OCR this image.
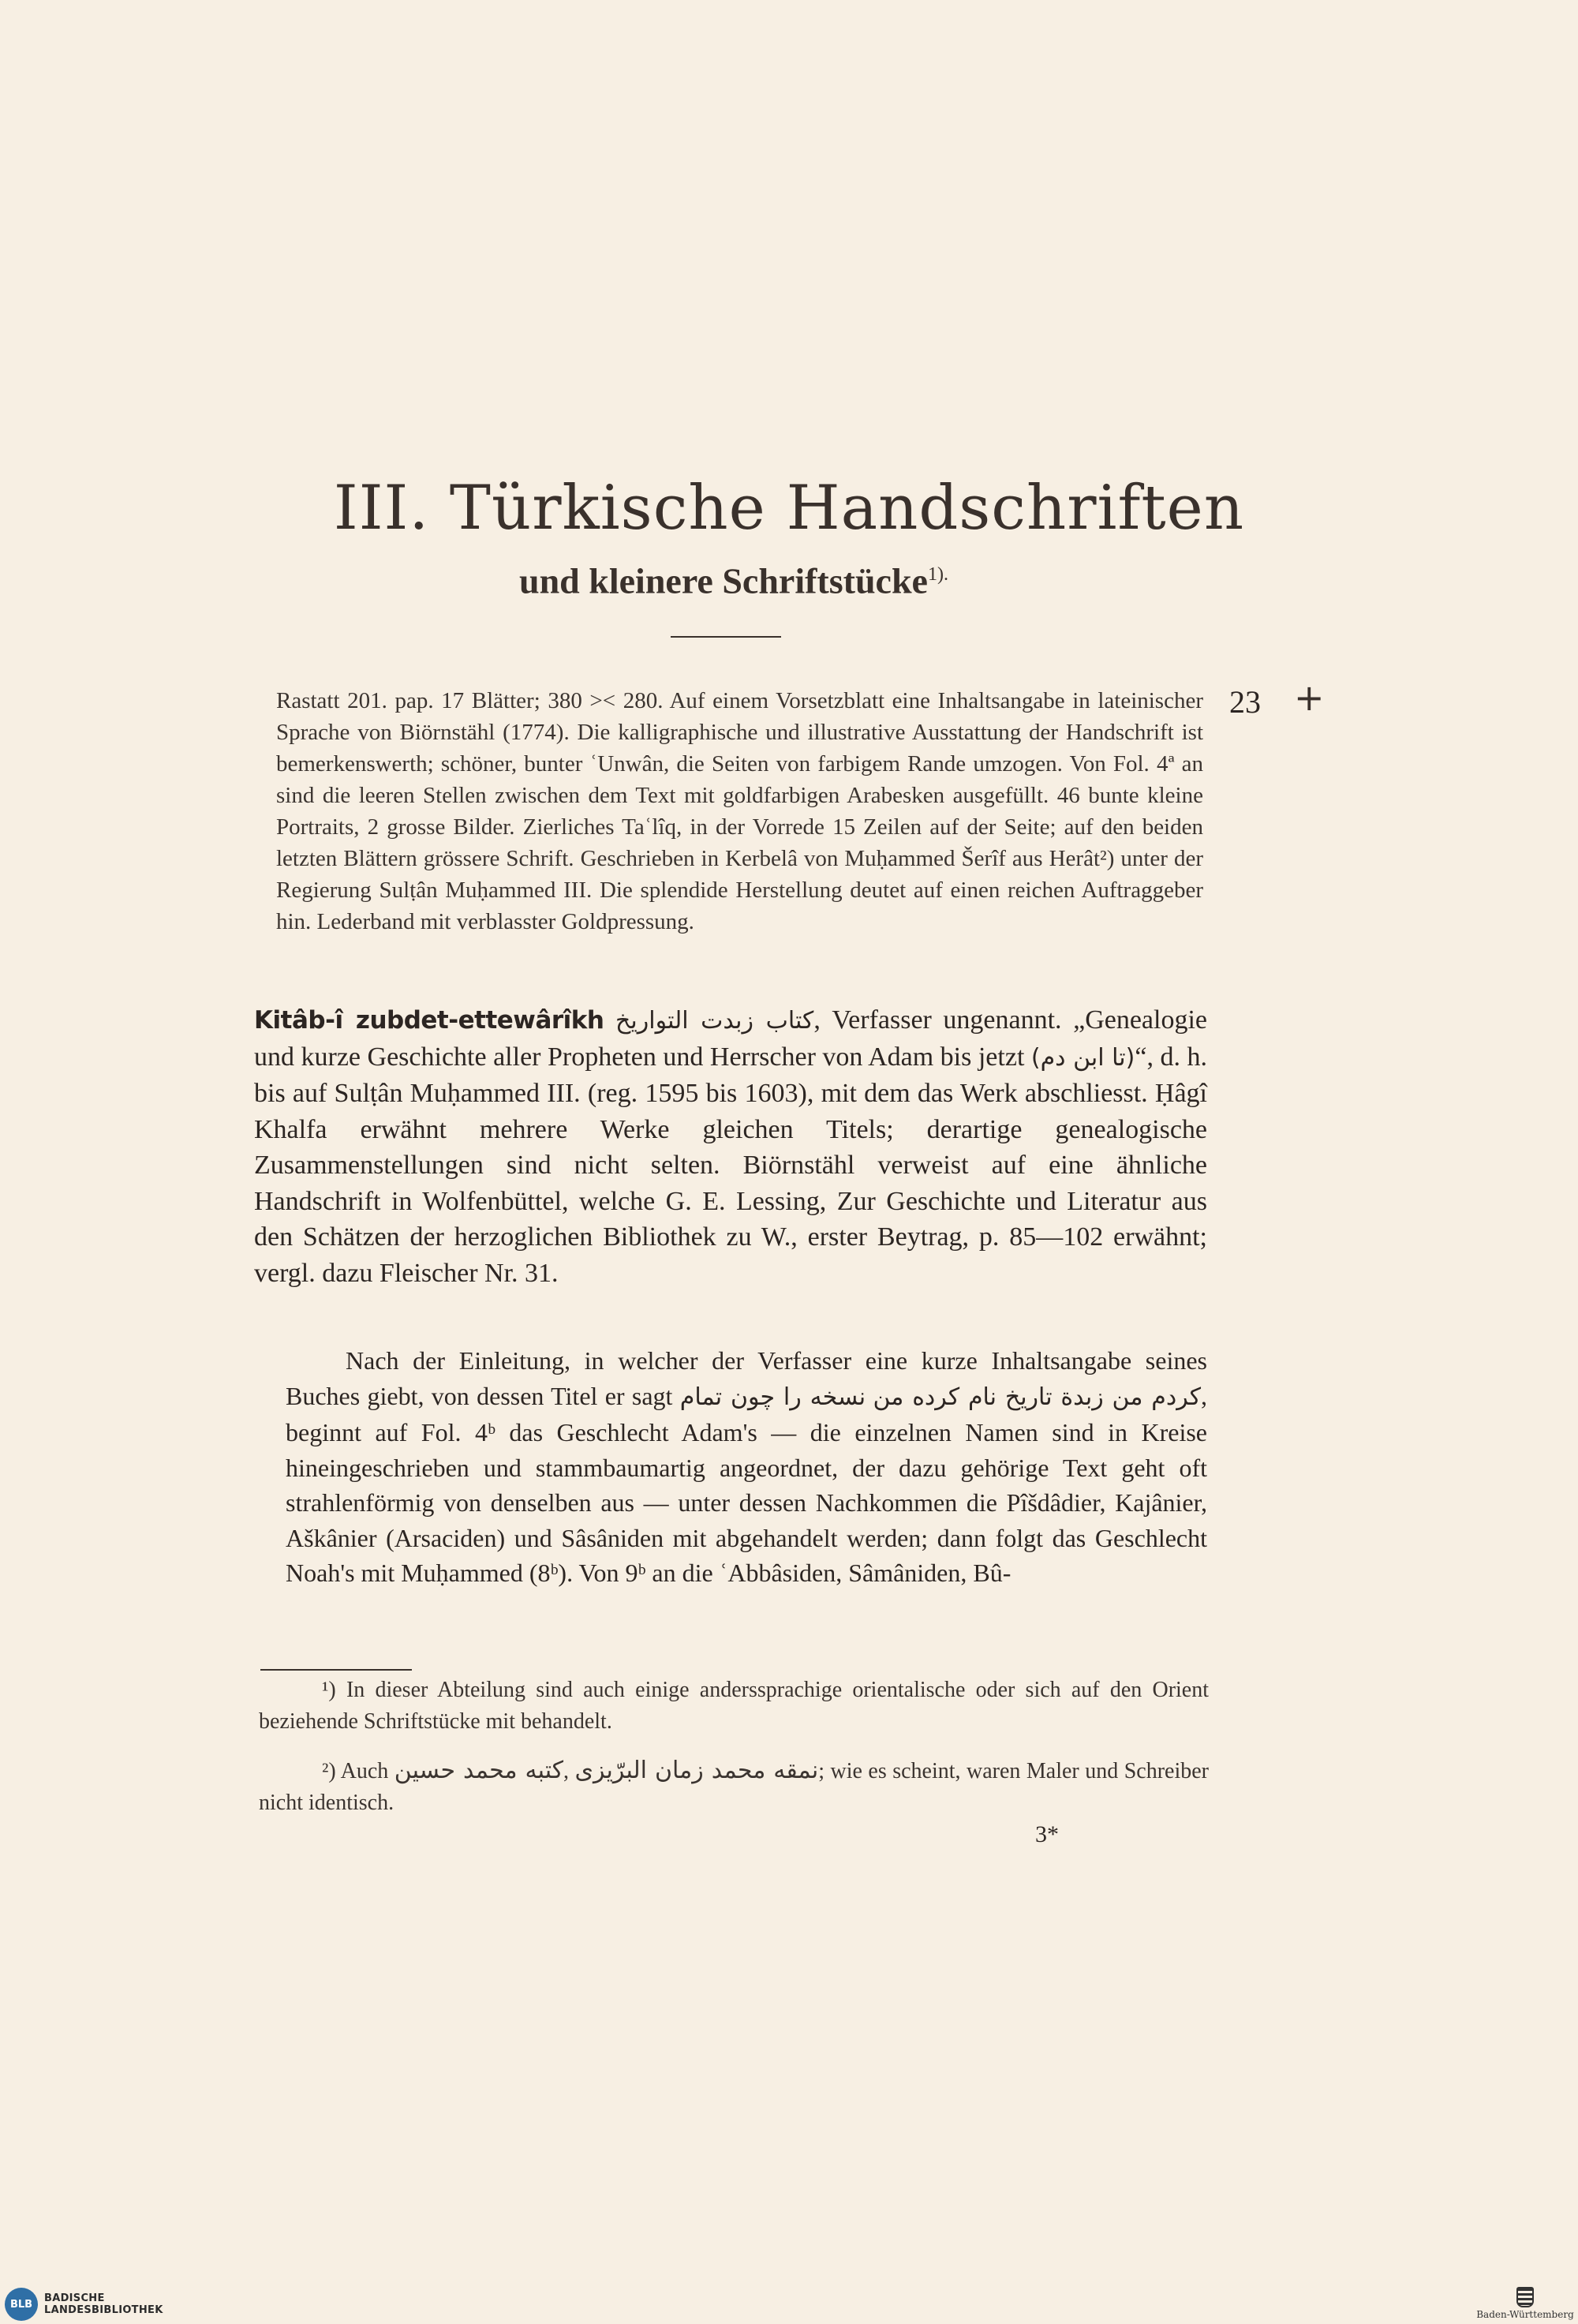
III. Türkische Handschriften
und kleinere Schriftstücke$^{1).}$
23 +
Rastatt 201. pap. 17 Blätter; 380 >< 280. Auf einem Vorsetzblatt eine Inhaltsangabe in lateinischer Sprache von Biörnstähl (1774). Die kalligraphische und illustrative Ausstattung der Handschrift ist bemerkenswerth; schöner, bunter ʿUnwân, die Seiten von farbigem Rande umzogen. Von Fol. 4ª an sind die leeren Stellen zwischen dem Text mit goldfarbigen Arabesken ausgefüllt. 46 bunte kleine Portraits, 2 grosse Bilder. Zierliches Taʿlîq, in der Vorrede 15 Zeilen auf der Seite; auf den beiden letzten Blättern grössere Schrift. Geschrieben in Kerbelâ von Muḥammed Šerîf aus Herât²) unter der Regierung Sulṭân Muḥammed III. Die splendide Herstellung deutet auf einen reichen Auftraggeber hin. Lederband mit verblasster Goldpressung.
Kitâb-î zubdet-ettewârîkh كتاب زبدت التواريخ, Verfasser ungenannt. „Genealogie und kurze Geschichte aller Propheten und Herrscher von Adam bis jetzt (تا ابن دم)“, d. h. bis auf Sulṭân Muḥammed III. (reg. 1595 bis 1603), mit dem das Werk abschliesst. Ḥâgî Khalfa erwähnt mehrere Werke gleichen Titels; derartige genealogische Zusammenstellungen sind nicht selten. Biörnstähl verweist auf eine ähnliche Handschrift in Wolfenbüttel, welche G. E. Lessing, Zur Geschichte und Literatur aus den Schätzen der herzoglichen Bibliothek zu W., erster Beytrag, p. 85—102 erwähnt; vergl. dazu Fleischer Nr. 31.
Nach der Einleitung, in welcher der Verfasser eine kurze Inhaltsangabe seines Buches giebt, von dessen Titel er sagt نسخه را چون تمام كردم من زبدة تاريخ نام كرده من, beginnt auf Fol. 4ᵇ das Geschlecht Adam's — die einzelnen Namen sind in Kreise hineingeschrieben und stammbaumartig angeordnet, der dazu gehörige Text geht oft strahlenförmig von denselben aus — unter dessen Nachkommen die Pîšdâdier, Kajânier, Aškânier (Arsaciden) und Sâsâniden mit abgehandelt werden; dann folgt das Geschlecht Noah's mit Muḥammed (8ᵇ). Von 9ᵇ an die ʿAbbâsiden, Sâmâniden, Bû-
¹) In dieser Abteilung sind auch einige anderssprachige orientalische oder sich auf den Orient beziehende Schriftstücke mit behandelt.
²) Auch كتبه محمد حسين, نمقه محمد زمان البرّيزى; wie es scheint, waren Maler und Schreiber nicht identisch.
3*
BLB	BADISCHE
LANDESBIBLIOTHEK	Baden-Württemberg
